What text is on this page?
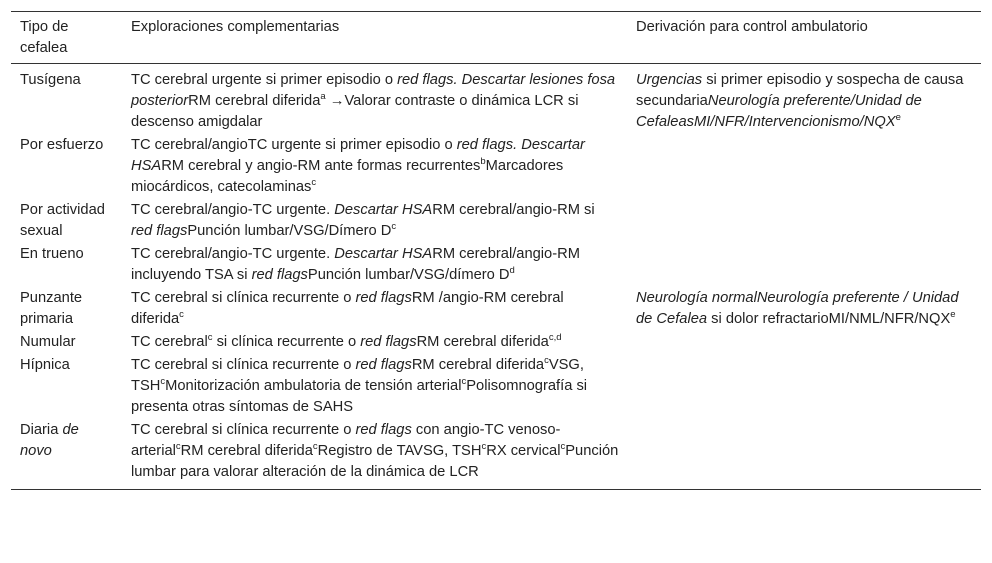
Tipo de cefalea	Exploraciones complementarias	Derivación para control ambulatorio
Tusígena	TC cerebral urgente si primer episodio o red flags. Descartar lesiones fosa posteriorRM cerebral diferida$^a$ →Valorar contraste o dinámica LCR si descenso amigdalar	Urgencias si primer episodio y sospecha de causa secundariaNeurología preferente/Unidad de CefaleasMI/NFR/Intervencionismo/NQX$^e$
Por esfuerzo	TC cerebral/angioTC urgente si primer episodio o red flags. Descartar HSARM cerebral y angio-RM ante formas recurrentes$^b$Marcadores miocárdicos, catecolaminas$^c$
Por actividad sexual	TC cerebral/angio-TC urgente. Descartar HSARM cerebral/angio-RM si red flagsPunción lumbar/VSG/Dímero $D^c$
En trueno	TC cerebral/angio-TC urgente. Descartar HSARM cerebral/angio-RM incluyendo TSA si red flagsPunción lumbar/VSG/dímero $D^d$
Punzante primaria	TC cerebral si clínica recurrente o red flagsRM /angio-RM cerebral diferida$^c$	Neurología normalNeurología preferente / Unidad de Cefalea si dolor refractarioMI/NML/NFR/NQX$^e$
Numular	TC cerebral$^c$ si clínica recurrente o red flagsRM cerebral diferida$^{c,d}$
Hípnica	TC cerebral si clínica recurrente o red flagsRM cerebral diferida$^c$VSG, TSH$^c$Monitorización ambulatoria de tensión arterial$^c$Polisomnografía si presenta otras síntomas de SAHS	
Diaria de novo	TC cerebral si clínica recurrente o red flags con angio-TC venoso-arterial$^c$RM cerebral diferida$^c$Registro de TAVSG, TSH$^c$RX cervical$^c$Punción lumbar para valorar alteración de la dinámica de LCR	
